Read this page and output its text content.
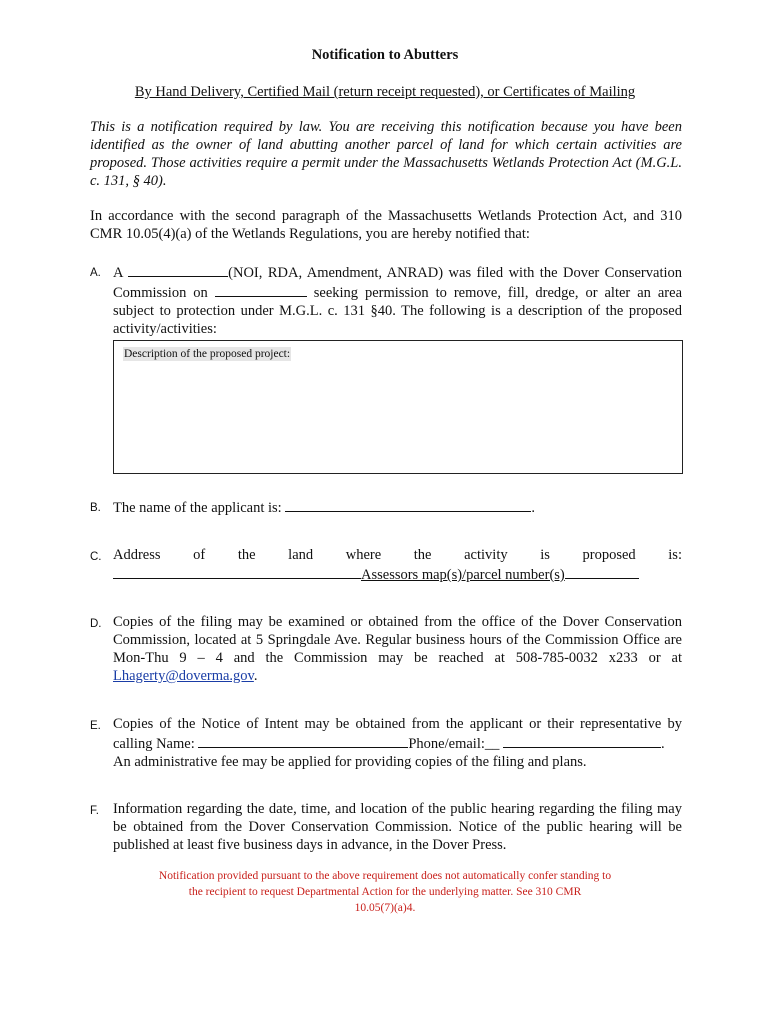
Notification to Abutters
By Hand Delivery, Certified Mail (return receipt requested), or Certificates of Mailing
This is a notification required by law. You are receiving this notification because you have been identified as the owner of land abutting another parcel of land for which certain activities are proposed. Those activities require a permit under the Massachusetts Wetlands Protection Act (M.G.L. c. 131, § 40).
In accordance with the second paragraph of the Massachusetts Wetlands Protection Act, and 310 CMR 10.05(4)(a) of the Wetlands Regulations, you are hereby notified that:
A. A	(NOI, RDA, Amendment, ANRAD) was filed with the Dover Conservation Commission on	seeking permission to remove, fill, dredge, or alter an area subject to protection under M.G.L. c. 131 §40. The following is a description of the proposed activity/activities:
Description of the proposed project:
B. The name of the applicant is:	.
C. Address of the land where the activity is proposed is:
Assessors map(s)/parcel number(s)
D. Copies of the filing may be examined or obtained from the office of the Dover Conservation Commission, located at 5 Springdale Ave. Regular business hours of the Commission Office are Mon-Thu 9 – 4 and the Commission may be reached at 508-785-0032 x233 or at Lhagerty@doverma.gov.
E. Copies of the Notice of Intent may be obtained from the applicant or their representative by calling Name:	Phone/email:__	.
An administrative fee may be applied for providing copies of the filing and plans.
F. Information regarding the date, time, and location of the public hearing regarding the filing may be obtained from the Dover Conservation Commission. Notice of the public hearing will be published at least five business days in advance, in the Dover Press.
Notification provided pursuant to the above requirement does not automatically confer standing to
the recipient to request Departmental Action for the underlying matter. See 310 CMR
10.05(7)(a)4.
